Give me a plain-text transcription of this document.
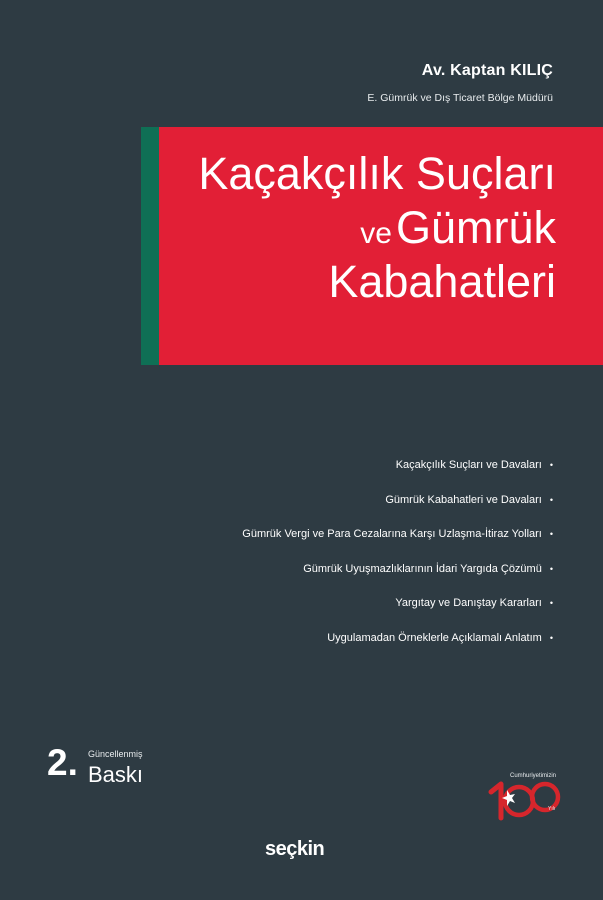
Av. Kaptan KILIÇ
E. Gümrük ve Dış Ticaret Bölge Müdürü
Kaçakçılık Suçları
veGümrük
Kabahatleri
Kaçakçılık Suçları ve Davaları •
Gümrük Kabahatleri ve Davaları •
Gümrük Vergi ve Para Cezalarına Karşı Uzlaşma-İtiraz Yolları •
Gümrük Uyuşmazlıklarının İdari Yargıda Çözümü •
Yargıtay ve Danıştay Kararları •
Uygulamadan Örneklerle Açıklamalı Anlatım •
2. Güncellenmiş
Baskı	Cumhuriyetimizin
Yılı
seçkin
